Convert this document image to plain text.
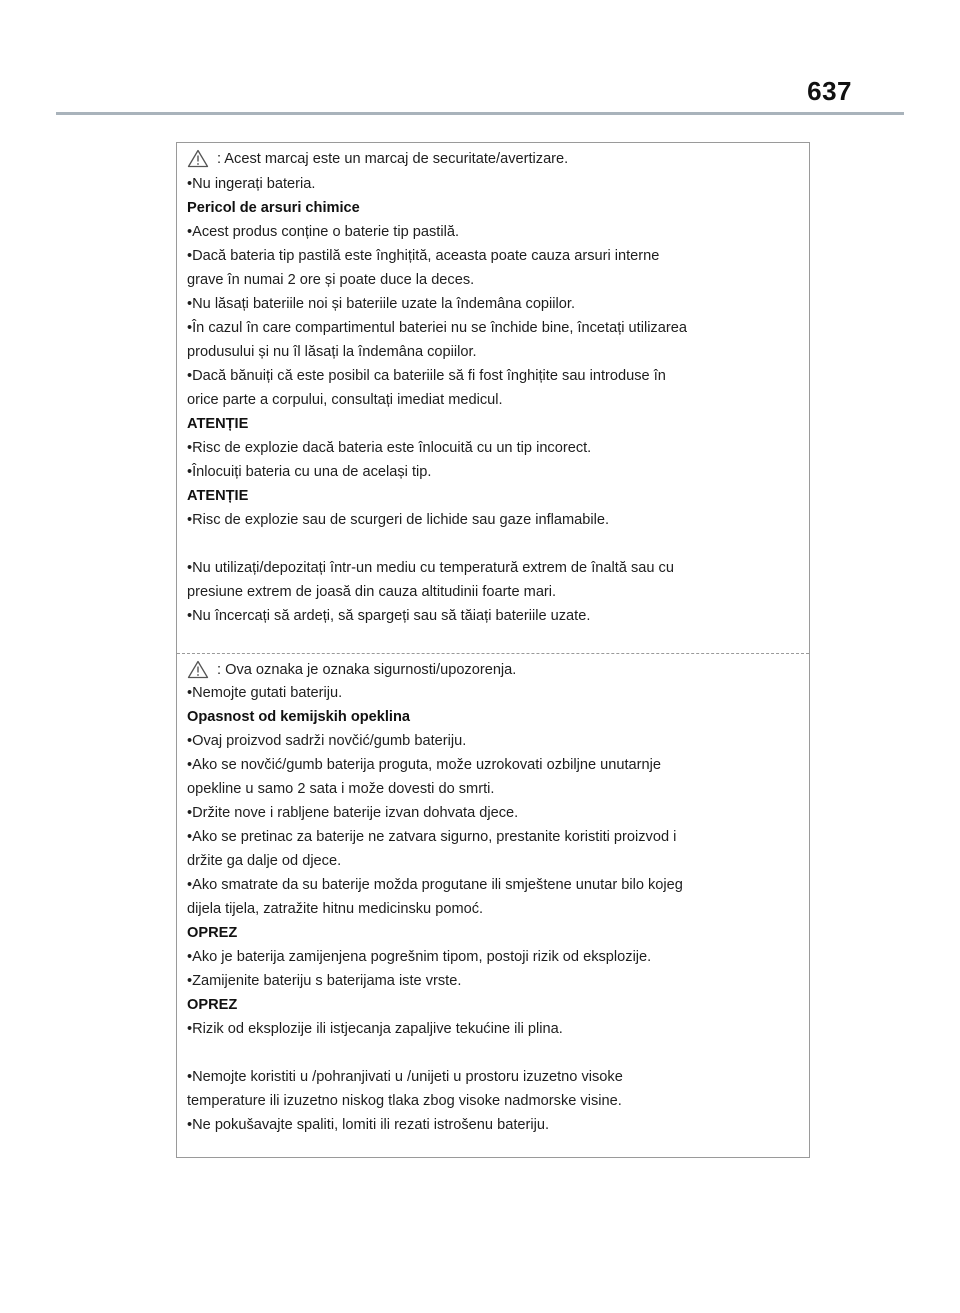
637
: Acest marcaj este un marcaj de securitate/avertizare.
•Nu ingerați bateria.
Pericol de arsuri chimice
•Acest produs conține o baterie tip pastilă.
•Dacă bateria tip pastilă este înghițită, aceasta poate cauza arsuri interne
grave în numai 2 ore și poate duce la deces.
•Nu lăsați bateriile noi și bateriile uzate la îndemâna copiilor.
•În cazul în care compartimentul bateriei nu se închide bine, încetați utilizarea
produsului și nu îl lăsați la îndemâna copiilor.
•Dacă bănuiți că este posibil ca bateriile să fi fost înghițite sau introduse în
orice parte a corpului, consultați imediat medicul.
ATENȚIE
•Risc de explozie dacă bateria este înlocuită cu un tip incorect.
•Înlocuiți bateria cu una de același tip.
ATENȚIE
•Risc de explozie sau de scurgeri de lichide sau gaze inflamabile.
•Nu utilizați/depozitați într-un mediu cu temperatură extrem de înaltă sau cu
presiune extrem de joasă din cauza altitudinii foarte mari.
•Nu încercați să ardeți, să spargeți sau să tăiați bateriile uzate.
: Ova oznaka je oznaka sigurnosti/upozorenja.
•Nemojte gutati bateriju.
Opasnost od kemijskih opeklina
•Ovaj proizvod sadrži novčić/gumb bateriju.
•Ako se novčić/gumb baterija proguta, može uzrokovati ozbiljne unutarnje
opekline u samo 2 sata i može dovesti do smrti.
•Držite nove i rabljene baterije izvan dohvata djece.
•Ako se pretinac za baterije ne zatvara sigurno, prestanite koristiti proizvod i
držite ga dalje od djece.
•Ako smatrate da su baterije možda progutane ili smještene unutar bilo kojeg
dijela tijela, zatražite hitnu medicinsku pomoć.
OPREZ
•Ako je baterija zamijenjena pogrešnim tipom, postoji rizik od eksplozije.
•Zamijenite bateriju s baterijama iste vrste.
OPREZ
•Rizik od eksplozije ili istjecanja zapaljive tekućine ili plina.
•Nemojte koristiti u /pohranjivati u /unijeti u prostoru izuzetno visoke
temperature ili izuzetno niskog tlaka zbog visoke nadmorske visine.
•Ne pokušavajte spaliti, lomiti ili rezati istrošenu bateriju.
